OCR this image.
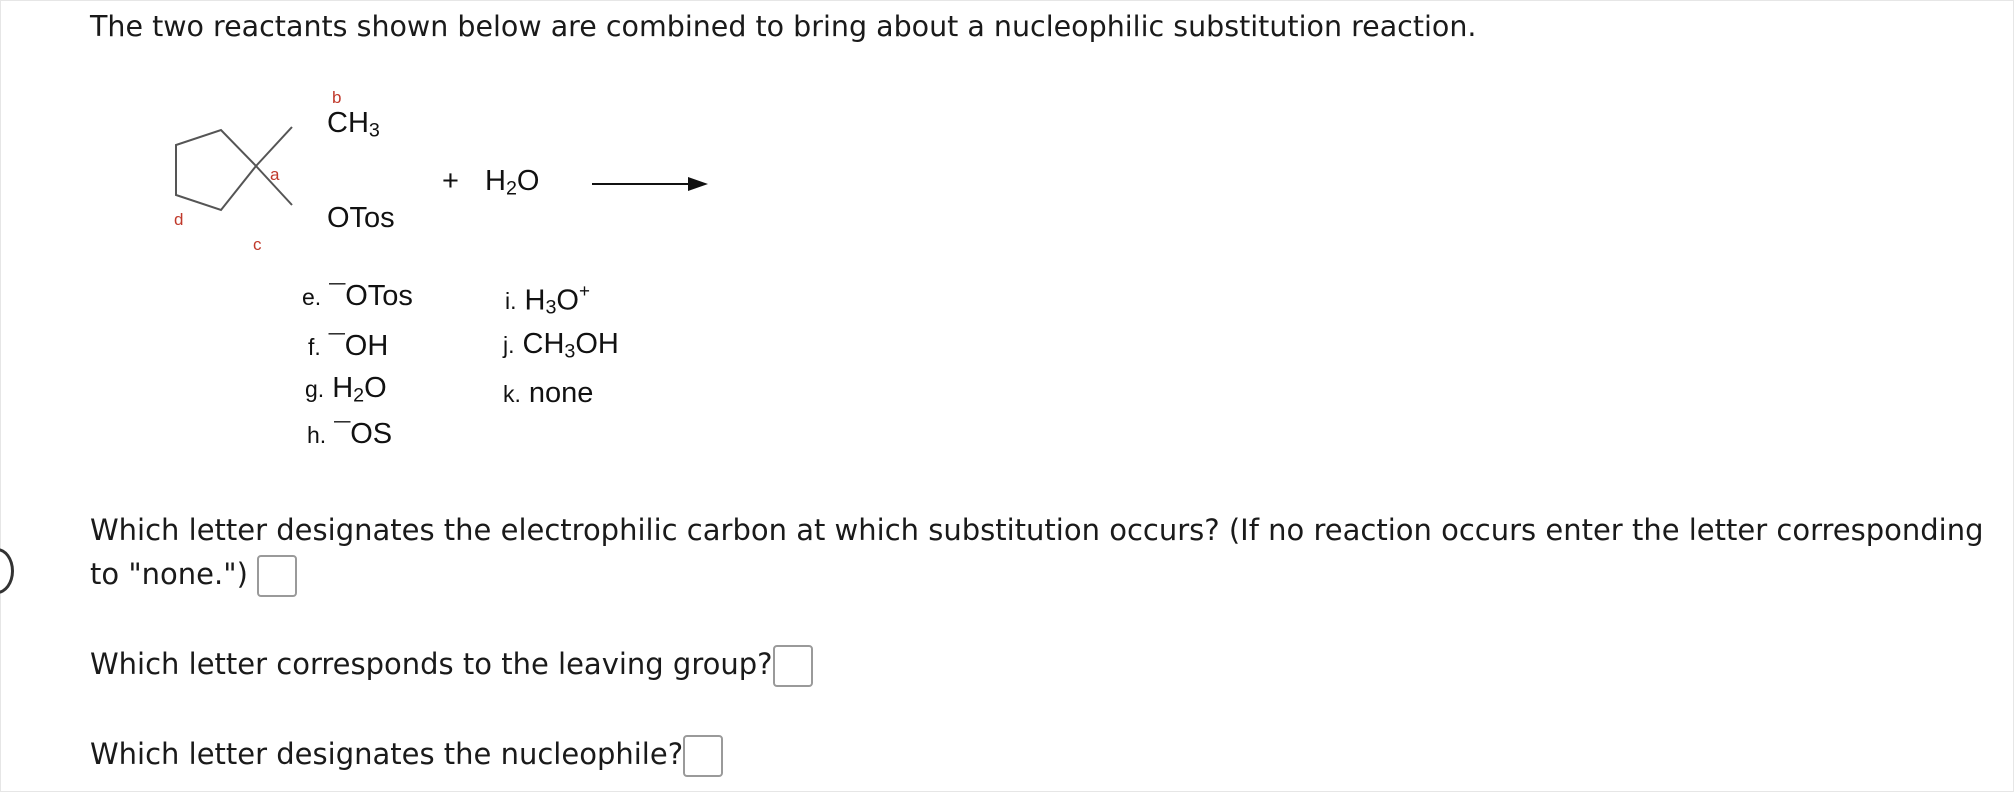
The two reactants shown below are combined to bring about a nucleophilic substitution reaction.
b
$CH_3$
a
d
c
OTos
+ $H_2O$
e. ¯OTos
f. ¯OH
g. $H_2O$
h. ¯OS
i. $H_3O^+$
j. $CH_3OH$
k. none
Which letter designates the electrophilic carbon at which substitution occurs? (If no reaction occurs enter the letter corresponding
to "none.")
Which letter corresponds to the leaving group?
Which letter designates the nucleophile?
